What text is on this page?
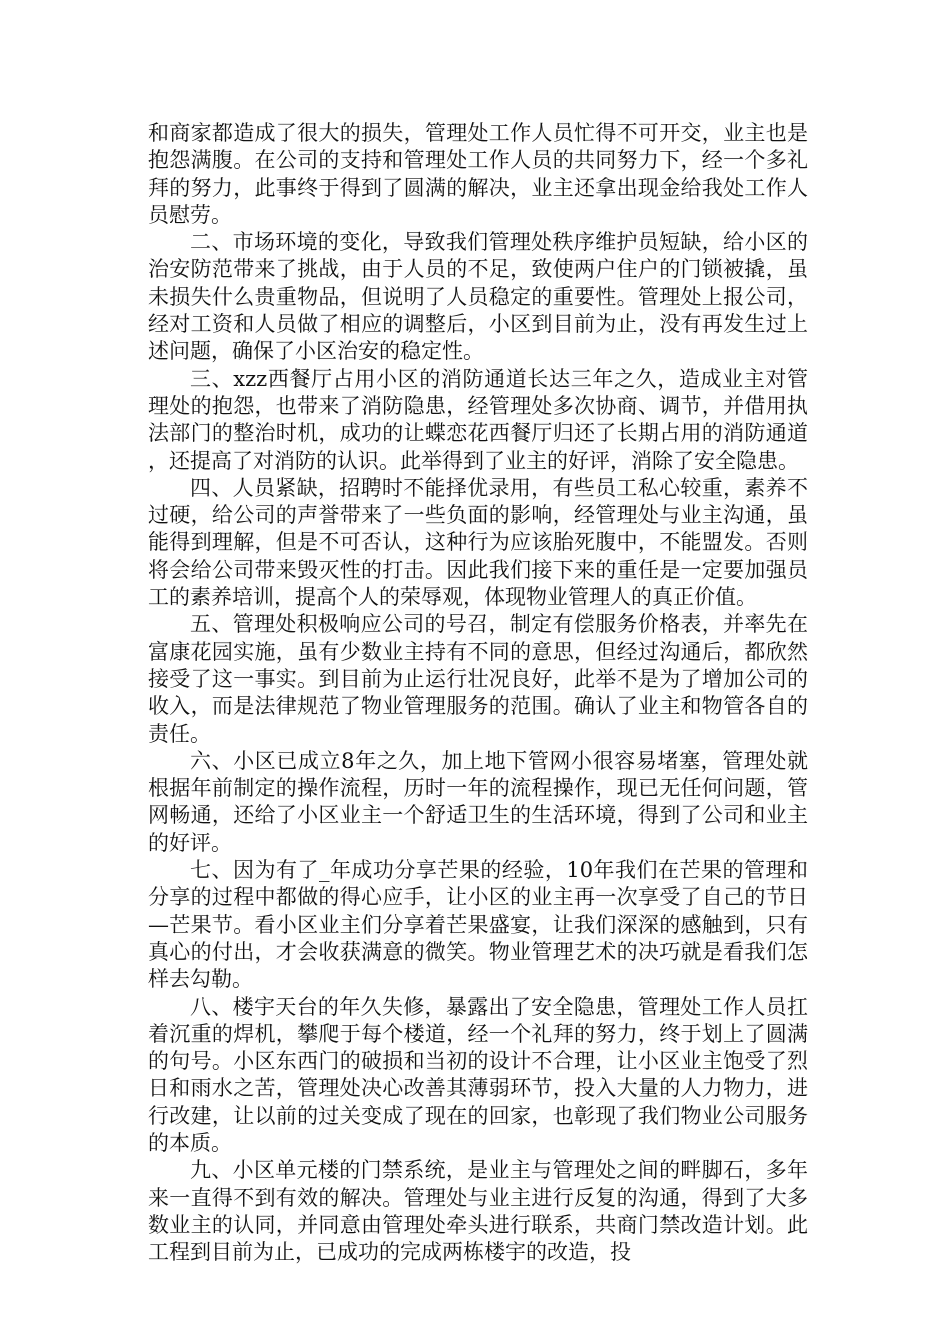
和商家都造成了很大的损失，管理处工作人员忙得不可开交，业主也是抱怨满腹。在公司的支持和管理处工作人员的共同努力下，经一个多礼拜的努力，此事终于得到了圆满的解决，业主还拿出现金给我处工作人员慰劳。

二、市场环境的变化，导致我们管理处秩序维护员短缺，给小区的治安防范带来了挑战，由于人员的不足，致使两户住户的门锁被撬，虽未损失什么贵重物品，但说明了人员稳定的重要性。管理处上报公司，经对工资和人员做了相应的调整后，小区到目前为止，没有再发生过上述问题，确保了小区治安的稳定性。

三、xzz西餐厅占用小区的消防通道长达三年之久，造成业主对管理处的抱怨，也带来了消防隐患，经管理处多次协商、调节，并借用执法部门的整治时机，成功的让蝶恋花西餐厅归还了长期占用的消防通道，还提高了对消防的认识。此举得到了业主的好评，消除了安全隐患。

四、人员紧缺，招聘时不能择优录用，有些员工私心较重，素养不过硬，给公司的声誉带来了一些负面的影响，经管理处与业主沟通，虽能得到理解，但是不可否认，这种行为应该胎死腹中，不能盟发。否则将会给公司带来毁灭性的打击。因此我们接下来的重任是一定要加强员工的素养培训，提高个人的荣辱观，体现物业管理人的真正价值。

五、管理处积极响应公司的号召，制定有偿服务价格表，并率先在富康花园实施，虽有少数业主持有不同的意思，但经过沟通后，都欣然接受了这一事实。到目前为止运行壮况良好，此举不是为了增加公司的收入，而是法律规范了物业管理服务的范围。确认了业主和物管各自的责任。

六、小区已成立8年之久，加上地下管网小很容易堵塞，管理处就根据年前制定的操作流程，历时一年的流程操作，现已无任何问题，管网畅通，还给了小区业主一个舒适卫生的生活环境，得到了公司和业主的好评。

七、因为有了_年成功分享芒果的经验，10年我们在芒果的管理和分享的过程中都做的得心应手，让小区的业主再一次享受了自己的节日—芒果节。看小区业主们分享着芒果盛宴，让我们深深的感触到，只有真心的付出，才会收获满意的微笑。物业管理艺术的决巧就是看我们怎样去勾勒。

八、楼宇天台的年久失修，暴露出了安全隐患，管理处工作人员扛着沉重的焊机，攀爬于每个楼道，经一个礼拜的努力，终于划上了圆满的句号。小区东西门的破损和当初的设计不合理，让小区业主饱受了烈日和雨水之苦，管理处决心改善其薄弱环节，投入大量的人力物力，进行改建，让以前的过关变成了现在的回家，也彰现了我们物业公司服务的本质。

九、小区单元楼的门禁系统，是业主与管理处之间的畔脚石，多年来一直得不到有效的解决。管理处与业主进行反复的沟通，得到了大多数业主的认同，并同意由管理处牵头进行联系，共商门禁改造计划。此工程到目前为止，已成功的完成两栋楼宇的改造，投
